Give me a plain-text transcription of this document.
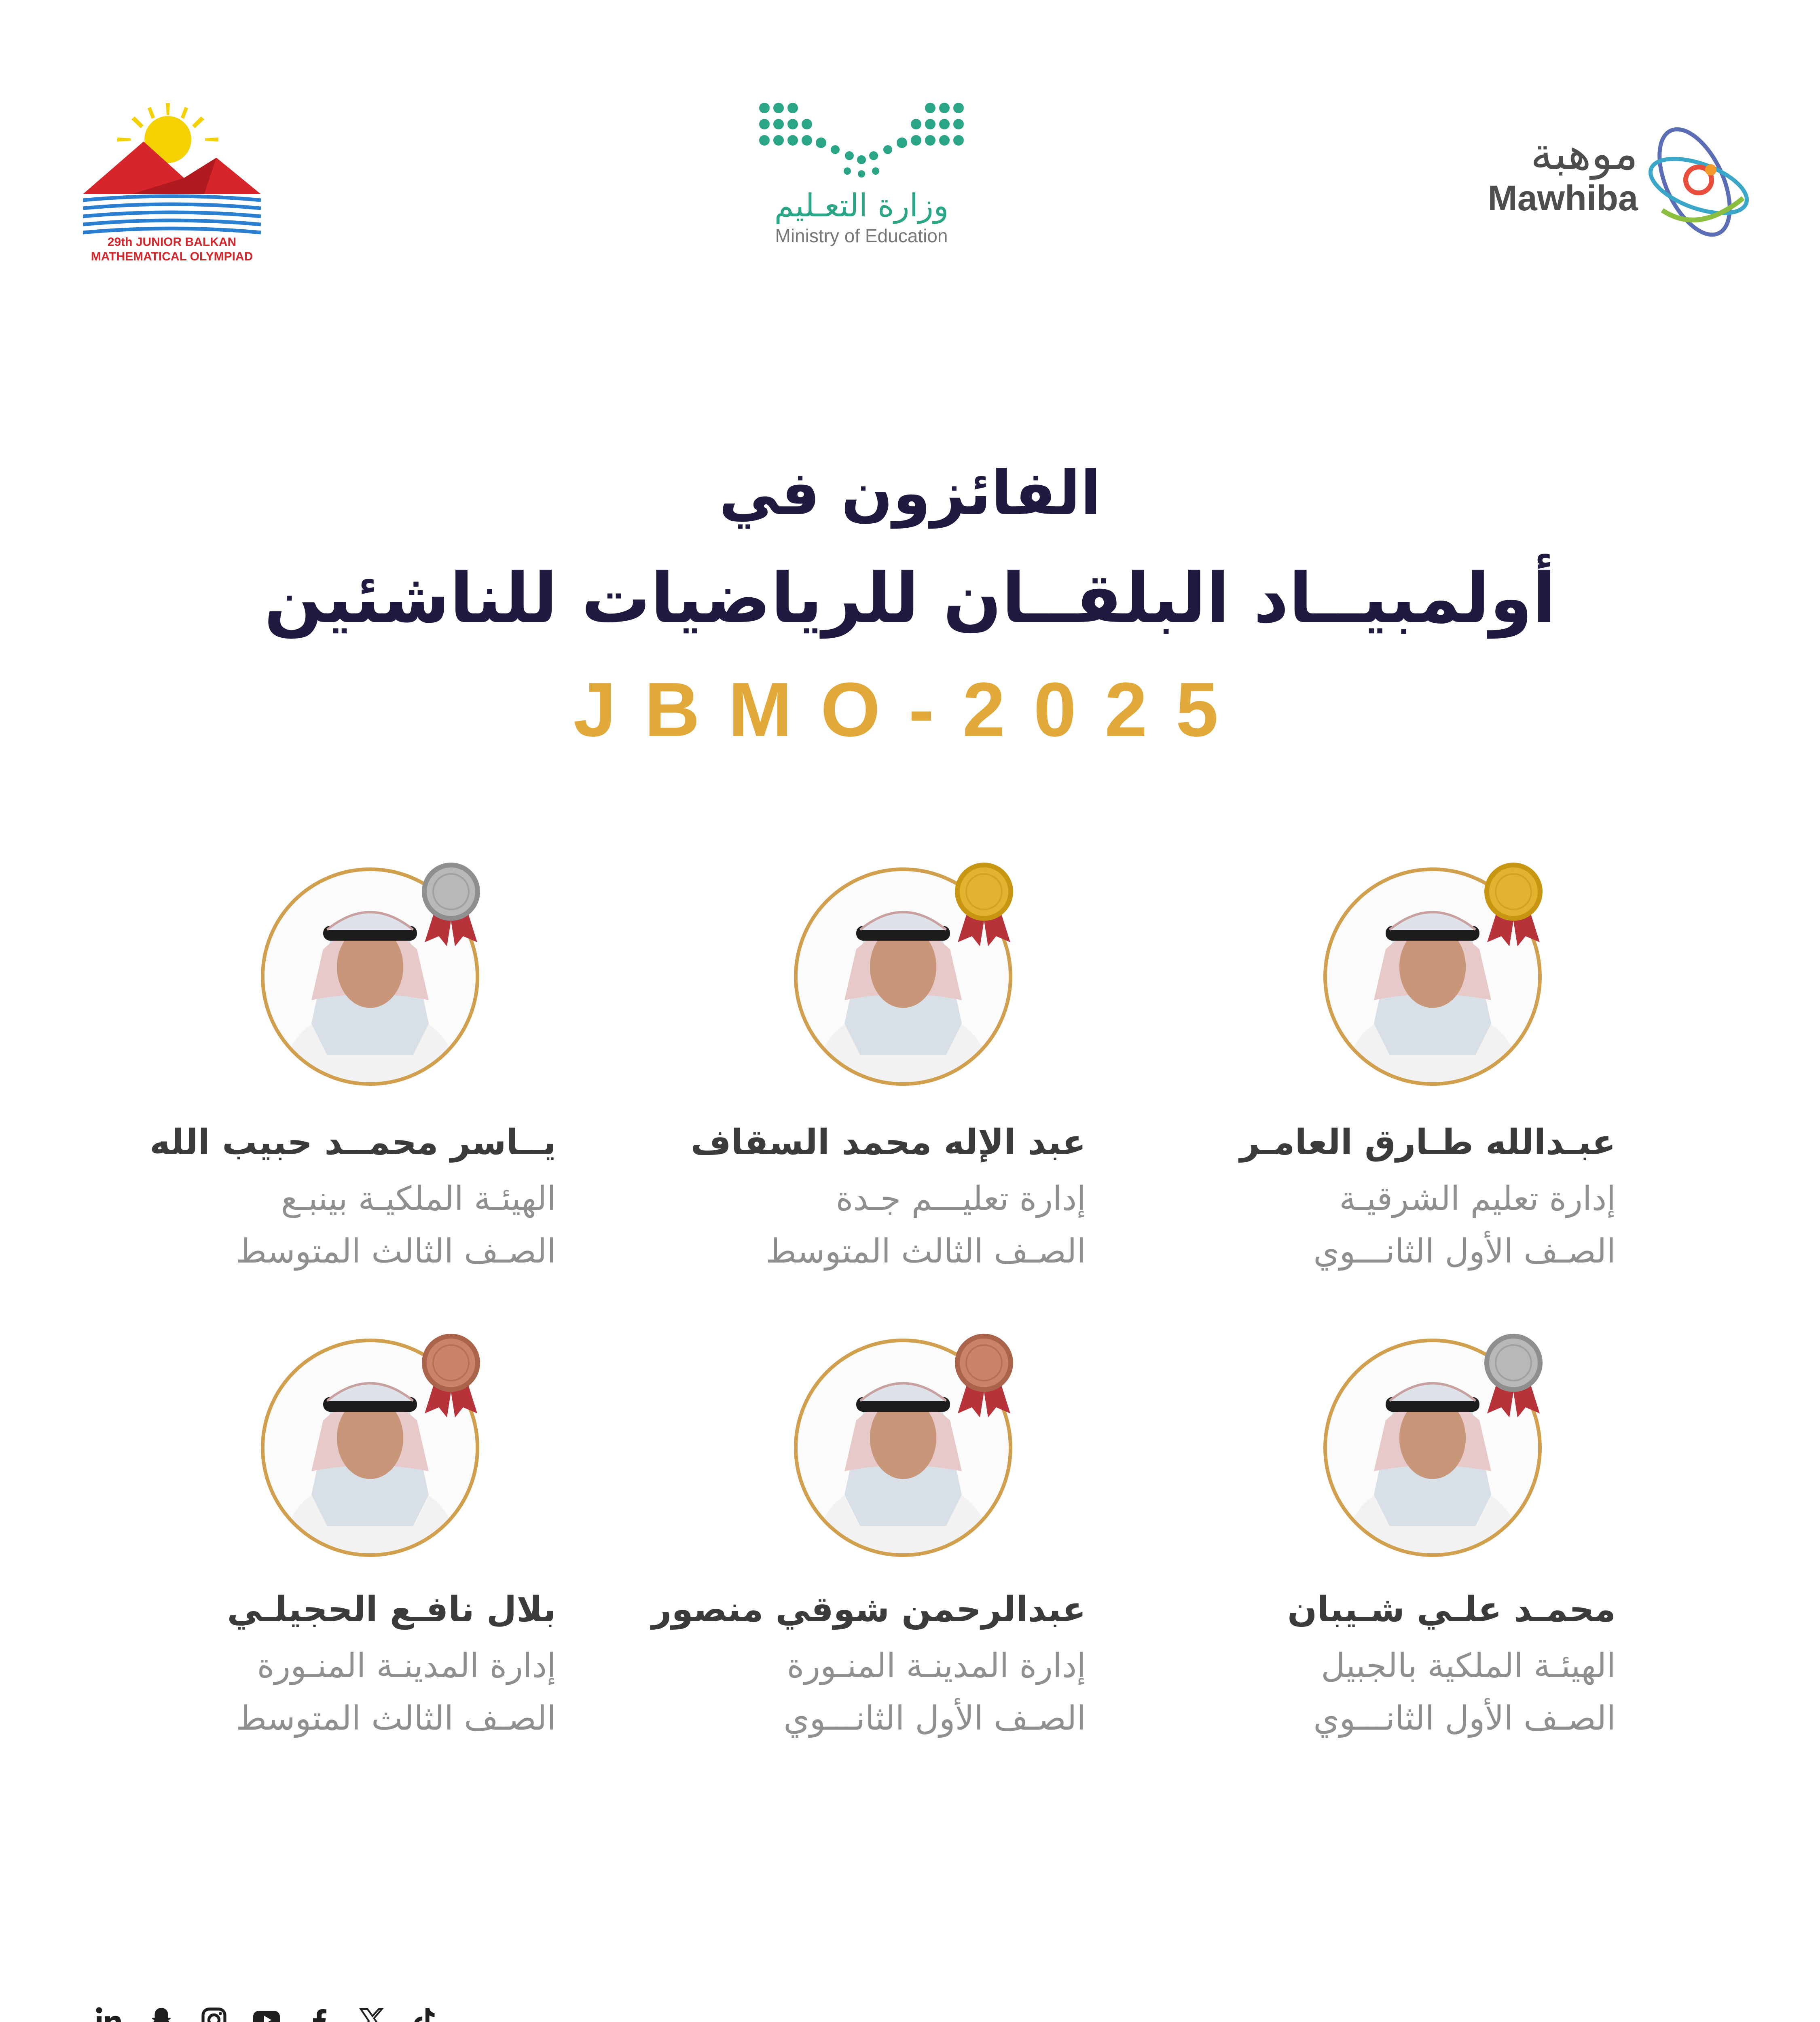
29th JUNIOR BALKAN
MATHEMATICAL OLYMPIAD
وزارة التعـليم
Ministry of Education
موهبة
Mawhiba
الفائزون في
أولمبيــاد البلقــان للرياضيات للناشئين
JBMO-2025
عبـدالله طـارق العامـر
إدارة تعليم الشرقيـة
الصـف الأول الثانـــوي
عبد الإله محمد السقاف
إدارة تعليـــم جـدة
الصـف الثالث المتوسط
يــاسر محمــد حبيب الله
الهيئـة الملكيـة بينبـع
الصـف الثالث المتوسط
محمـد علـي شـيبان
الهيئـة الملكية بالجبيل
الصـف الأول الثانـــوي
عبدالرحمن شوقي منصور
إدارة المدينـة المنـورة
الصـف الأول الثانـــوي
بلال نافـع الحجيلـي
إدارة المدينـة المنـورة
الصـف الثالث المتوسط
